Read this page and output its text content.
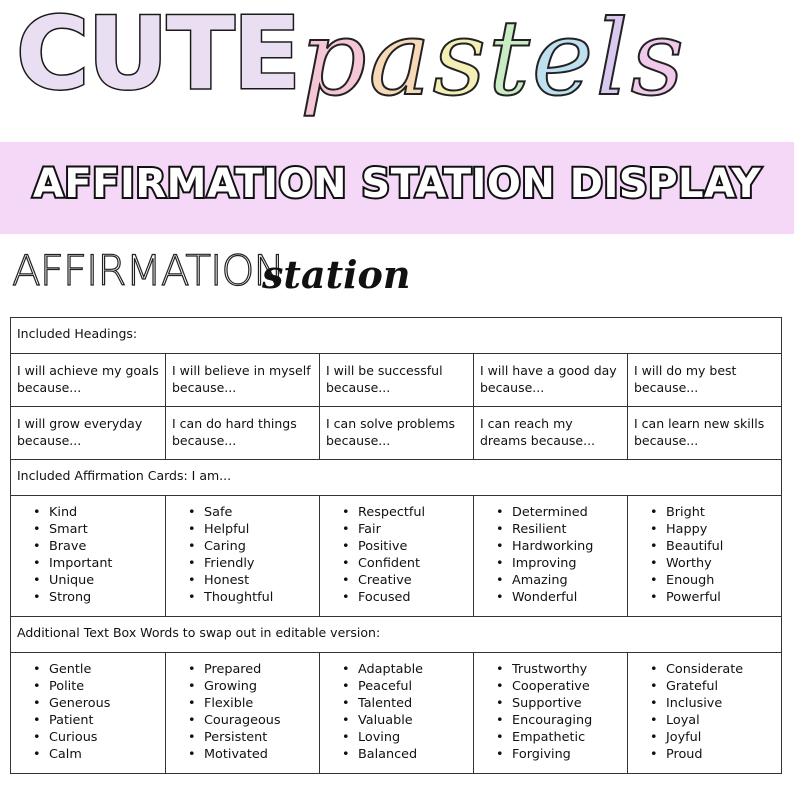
CUTE pastels
AFFIRMATION STATION DISPLAY
AFFIRMATION
station
Included Headings:
I will achieve my goals because...
I will believe in myself because...
I will be successful because...
I will have a good day because...
I will do my best because...
I will grow everyday because...
I can do hard things because...
I can solve problems because...
I can reach my dreams because...
I can learn new skills because...
Included Affirmation Cards: I am...
• Kind
• Smart
• Brave
• Important
• Unique
• Strong
• Safe
• Helpful
• Caring
• Friendly
• Honest
• Thoughtful
• Respectful
• Fair
• Positive
• Confident
• Creative
• Focused
• Determined
• Resilient
• Hardworking
• Improving
• Amazing
• Wonderful
• Bright
• Happy
• Beautiful
• Worthy
• Enough
• Powerful
Additional Text Box Words to swap out in editable version:
• Gentle
• Polite
• Generous
• Patient
• Curious
• Calm
• Prepared
• Growing
• Flexible
• Courageous
• Persistent
• Motivated
• Adaptable
• Peaceful
• Talented
• Valuable
• Loving
• Balanced
• Trustworthy
• Cooperative
• Supportive
• Encouraging
• Empathetic
• Forgiving
• Considerate
• Grateful
• Inclusive
• Loyal
• Joyful
• Proud
